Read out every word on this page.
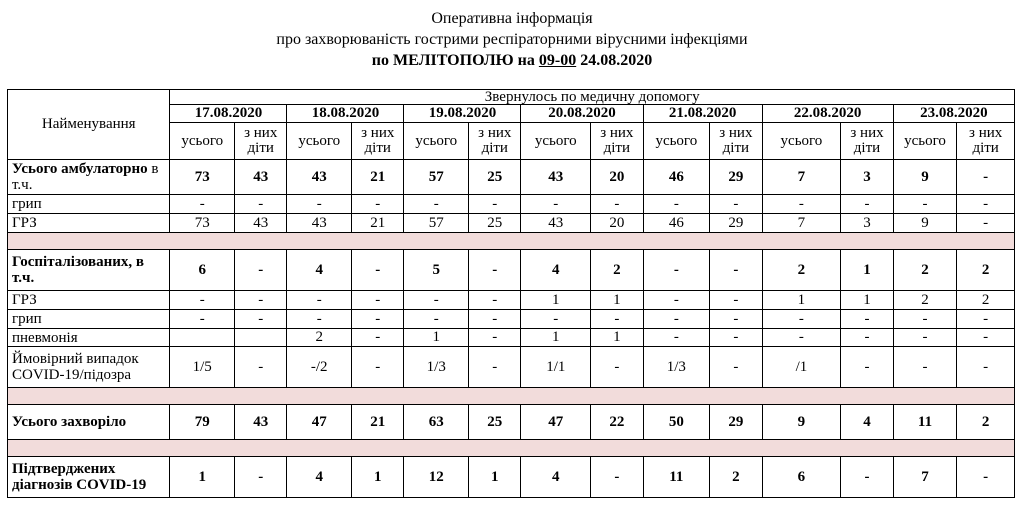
Оперативна інформація
про захворюваність гострими респіраторними вірусними інфекціями
по МЕЛІТОПОЛЮ на 09-00 24.08.2020
Найменування	Звернулось по медичну допомогу													
	17.08.2020		18.08.2020		19.08.2020		20.08.2020		21.08.2020		22.08.2020		23.08.2020	
	усього	з них діти	усього	з них діти	усього	з них діти	усього	з них діти	усього	з них діти	усього	з них діти	усього	з них діти
Усього амбулаторно в т.ч.	73	43	43	21	57	25	43	20	46	29	7	3	9	-
грип	-	-	-	-	-	-	-	-	-	-	-	-	-	-
ГРЗ	73	43	43	21	57	25	43	20	46	29	7	3	9	-

Госпіталізованих, в т.ч.	6	-	4	-	5	-	4	2	-	-	2	1	2	2
ГРЗ	-	-	-	-	-	-	1	1	-	-	1	1	2	2
грип	-	-	-	-	-	-	-	-	-	-	-	-	-	-
пневмонія			2	-	1	-	1	1	-	-	-	-	-	-
Ймовірний випадок COVID-19/підозра	1/5	-	-/2	-	1/3	-	1/1	-	1/3	-	/1	-	-	-

Усього захворіло	79	43	47	21	63	25	47	22	50	29	9	4	11	2

Підтверджених діагнозів COVID-19	1	-	4	1	12	1	4	-	11	2	6	-	7	-
